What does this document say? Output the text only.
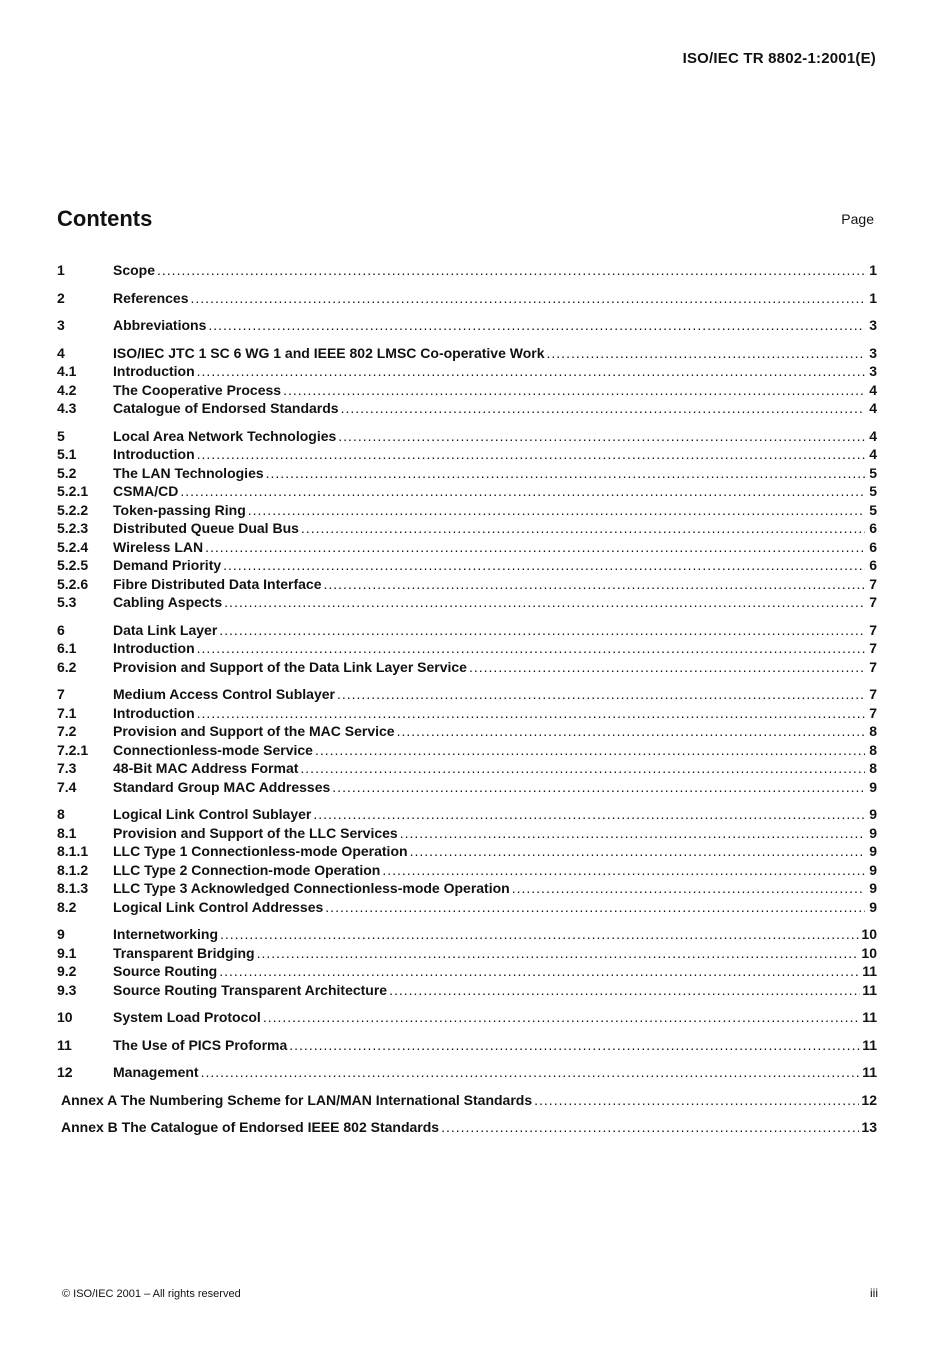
ISO/IEC TR 8802-1:2001(E)
Contents	Page
1	Scope .....	1
2	References .....	1
3	Abbreviations .....	3
4	ISO/IEC JTC 1 SC 6 WG 1 and IEEE 802 LMSC Co-operative Work .....	3
4.1	Introduction .....	3
4.2	The Cooperative Process .....	4
4.3	Catalogue of Endorsed Standards .....	4
5	Local Area Network Technologies .....	4
5.1	Introduction .....	4
5.2	The LAN Technologies .....	5
5.2.1	CSMA/CD .....	5
5.2.2	Token-passing Ring .....	5
5.2.3	Distributed Queue Dual Bus .....	6
5.2.4	Wireless LAN .....	6
5.2.5	Demand Priority .....	6
5.2.6	Fibre Distributed Data Interface .....	7
5.3	Cabling Aspects .....	7
6	Data Link Layer .....	7
6.1	Introduction .....	7
6.2	Provision and Support of the Data Link Layer Service .....	7
7	Medium Access Control Sublayer .....	7
7.1	Introduction .....	7
7.2	Provision and Support of the MAC Service .....	8
7.2.1	Connectionless-mode Service .....	8
7.3	48-Bit MAC Address Format .....	8
7.4	Standard Group MAC Addresses .....	9
8	Logical Link Control Sublayer .....	9
8.1	Provision and Support of the LLC Services .....	9
8.1.1	LLC Type 1 Connectionless-mode Operation .....	9
8.1.2	LLC Type 2 Connection-mode Operation .....	9
8.1.3	LLC Type 3 Acknowledged Connectionless-mode Operation .....	9
8.2	Logical Link Control Addresses .....	9
9	Internetworking .....	10
9.1	Transparent Bridging .....	10
9.2	Source Routing .....	11
9.3	Source Routing Transparent Architecture .....	11
10	System Load Protocol .....	11
11	The Use of PICS Proforma .....	11
12	Management .....	11
Annex A The Numbering Scheme for LAN/MAN International Standards .....	12
Annex B The Catalogue of Endorsed IEEE 802 Standards .....	13
© ISO/IEC 2001 – All rights reserved	iii
